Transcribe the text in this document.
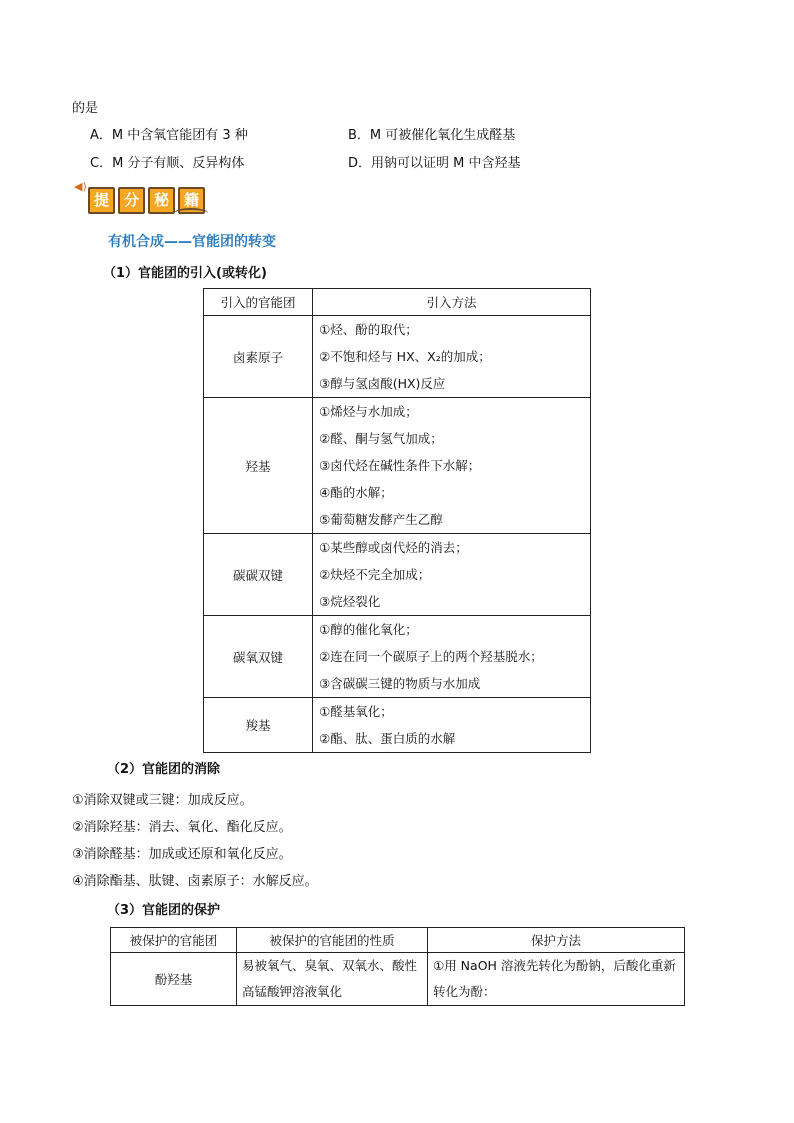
的是
A．M 中含氧官能团有 3 种	B．M 可被催化氧化生成醛基
C．M 分子有顺、反异构体	D．用钠可以证明 M 中含羟基
◀)
提 分 秘 籍
有机合成——官能团的转变
（1）官能团的引入(或转化)
引入的官能团	引入方法
卤素原子	①烃、酚的取代；
②不饱和烃与 HX、X₂的加成；
③醇与氢卤酸(HX)反应

羟基	①烯烃与水加成；
②醛、酮与氢气加成；
③卤代烃在碱性条件下水解；
④酯的水解；
⑤葡萄糖发酵产生乙醇

碳碳双键	①某些醇或卤代烃的消去；
②炔烃不完全加成；
③烷烃裂化

碳氧双键	①醇的催化氧化；
②连在同一个碳原子上的两个羟基脱水；
③含碳碳三键的物质与水加成

羧基	①醛基氧化；
②酯、肽、蛋白质的水解
（2）官能团的消除
①消除双键或三键：加成反应。
②消除羟基：消去、氧化、酯化反应。
③消除醛基：加成或还原和氧化反应。
④消除酯基、肽键、卤素原子：水解反应。
（3）官能团的保护
被保护的官能团	被保护的官能团的性质	保护方法
酚羟基	易被氧气、臭氧、双氧水、酸性高锰酸钾溶液氧化	①用 NaOH 溶液先转化为酚钠，后酸化重新转化为酚：
